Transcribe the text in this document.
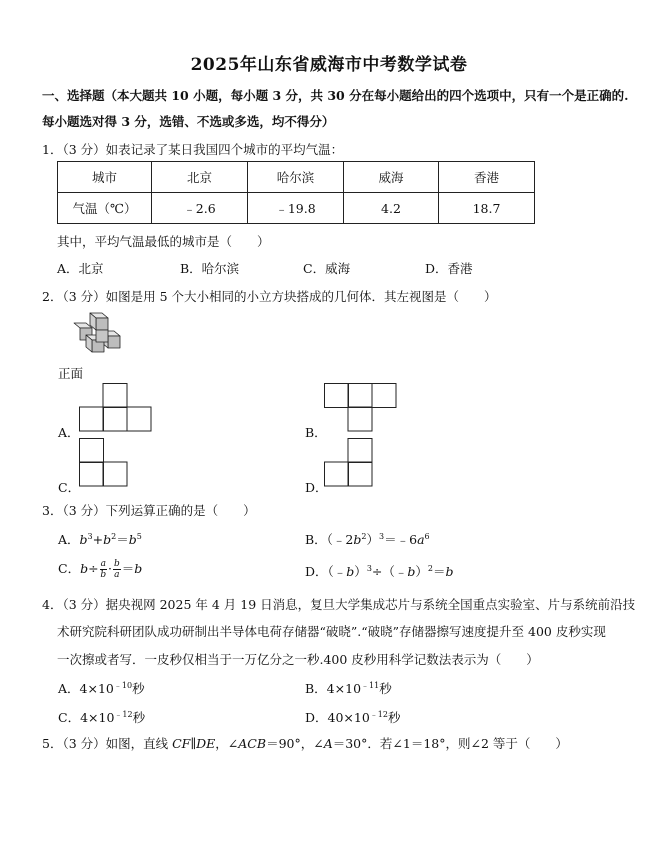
2025年山东省威海市中考数学试卷
一、选择题（本大题共 10 小题，每小题 3 分，共 30 分在每小题给出的四个选项中，只有一个是正确的.
每小题选对得 3 分，选错、不选或多选，均不得分）
1．（3 分）如表记录了某日我国四个城市的平均气温：
城市	北京	哈尔滨	威海	香港
气温（℃）	﹣2.6	﹣19.8	4.2	18.7
其中，平均气温最低的城市是（　　）
A．北京	B．哈尔滨	C．威海	D．香港
2．（3 分）如图是用 5 个大小相同的小立方块搭成的几何体．其左视图是（　　）
正面
A．	B．
C．	D．
3．（3 分）下列运算正确的是（　　）
A．$b^3+b^2=b^5$	B．$(﹣2b^2)^3=﹣6a^6$
C．$b\div \frac{a}{b} \cdot \frac{b}{a} =b$	D．（﹣b）$^3$÷（﹣b）$^2$＝b
4．（3 分）据央视网 2025 年 4 月 19 日消息，复旦大学集成芯片与系统全国重点实验室、片与系统前沿技
术研究院科研团队成功研制出半导体电荷存储器“破晓”.“破晓”存储器擦写速度提升至 400 皮秒实现
一次擦或者写．一皮秒仅相当于一万亿分之一秒.400 皮秒用科学记数法表示为（　　）
A．$4\times 10^{﹣10}$秒	B．$4\times 10^{﹣11}$秒
C．$4\times 10^{﹣12}$秒	D．$40\times 10^{﹣12}$秒
5．（3 分）如图，直线 CF∥DE，∠ACB＝90°，∠A＝30°．若∠1＝18°，则∠2 等于（　　）
